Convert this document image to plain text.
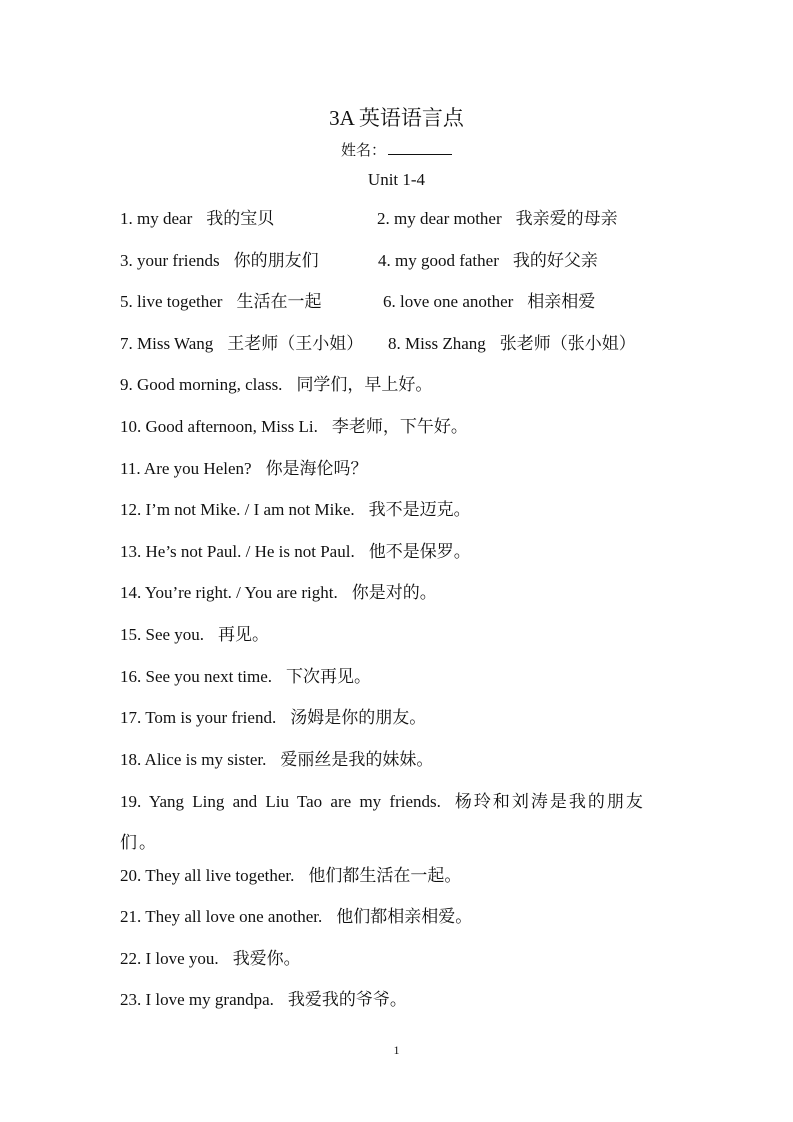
3A 英语语言点
姓名：
Unit 1-4
1. my dear 我的宝贝	2. my dear mother 我亲爱的母亲
3. your friends 你的朋友们	4. my good father 我的好父亲
5. live together 生活在一起	6. love one another 相亲相爱
7. Miss Wang 王老师（王小姐） 8. Miss Zhang 张老师（张小姐）
9. Good morning, class. 同学们，早上好。
10. Good afternoon, Miss Li. 李老师，下午好。
11. Are you Helen? 你是海伦吗？
12. I’m not Mike. / I am not Mike. 我不是迈克。
13. He’s not Paul. / He is not Paul. 他不是保罗。
14. You’re right. / You are right. 你是对的。
15. See you. 再见。
16. See you next time. 下次再见。
17. Tom is your friend. 汤姆是你的朋友。
18. Alice is my sister. 爱丽丝是我的妹妹。
19. Yang Ling and Liu Tao are my friends. 杨玲和刘涛是我的朋友们。
20. They all live together. 他们都生活在一起。
21. They all love one another. 他们都相亲相爱。
22. I love you. 我爱你。
23. I love my grandpa. 我爱我的爷爷。
1
